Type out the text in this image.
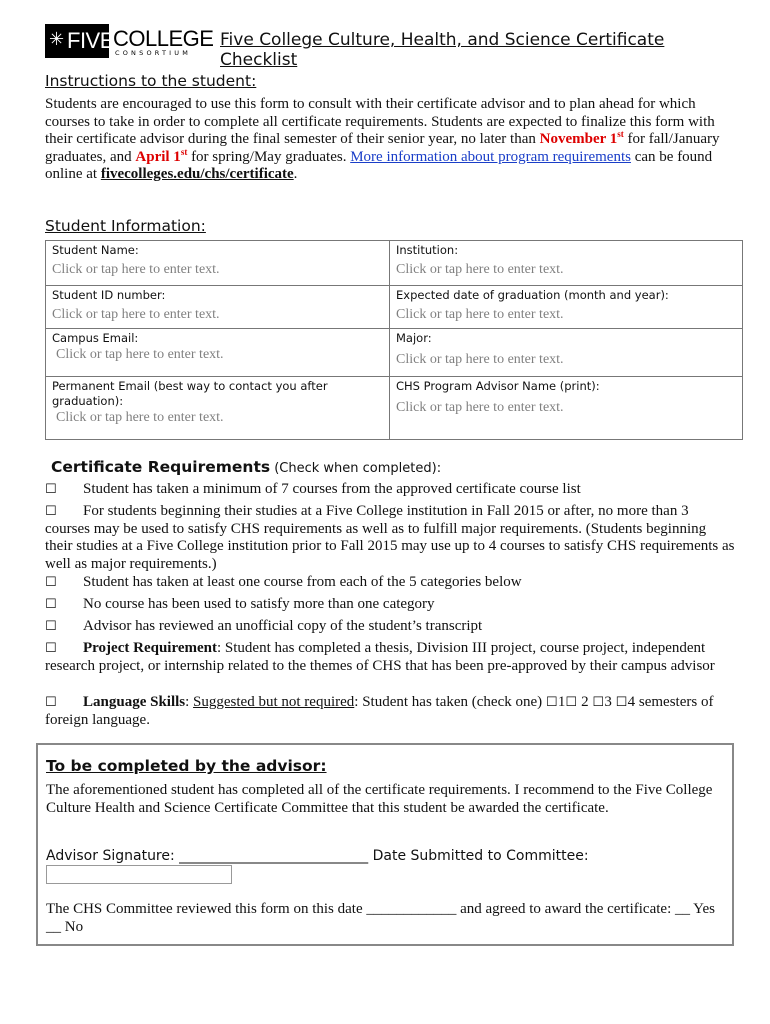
✳ FIVE COLLEGE
CONSORTIUM
Five College Culture, Health, and Science Certificate Checklist
Instructions to the student:
Students are encouraged to use this form to consult with their certificate advisor and to plan ahead for which courses to take in order to complete all certificate requirements. Students are expected to finalize this form with their certificate advisor during the final semester of their senior year, no later than November 1st for fall/January graduates, and April 1st for spring/May graduates. More information about program requirements can be found online at fivecolleges.edu/chs/certificate.
Student Information:
Student Name:
Click or tap here to enter text.
Institution:
Click or tap here to enter text.
Student ID number:
Click or tap here to enter text.
Expected date of graduation (month and year):
Click or tap here to enter text.
Campus Email:
Click or tap here to enter text.
Major:
Click or tap here to enter text.
Permanent Email (best way to contact you after graduation):
Click or tap here to enter text.
CHS Program Advisor Name (print):
Click or tap here to enter text.
Certificate Requirements (Check when completed):
☐ Student has taken a minimum of 7 courses from the approved certificate course list
☐ For students beginning their studies at a Five College institution in Fall 2015 or after, no more than 3 courses may be used to satisfy CHS requirements as well as to fulfill major requirements. (Students beginning their studies at a Five College institution prior to Fall 2015 may use up to 4 courses to satisfy CHS requirements as well as major requirements.)
☐ Student has taken at least one course from each of the 5 categories below
☐ No course has been used to satisfy more than one category
☐ Advisor has reviewed an unofficial copy of the student’s transcript
☐ Project Requirement: Student has completed a thesis, Division III project, course project, independent research project, or internship related to the themes of CHS that has been pre-approved by their campus advisor
☐ Language Skills: Suggested but not required: Student has taken (check one) ☐1☐ 2 ☐3 ☐4 semesters of foreign language.
To be completed by the advisor:
The aforementioned student has completed all of the certificate requirements. I recommend to the Five College Culture Health and Science Certificate Committee that this student be awarded the certificate.
Advisor Signature: ___________________________ Date Submitted to Committee:
The CHS Committee reviewed this form on this date ____________ and agreed to award the certificate: __ Yes __ No
